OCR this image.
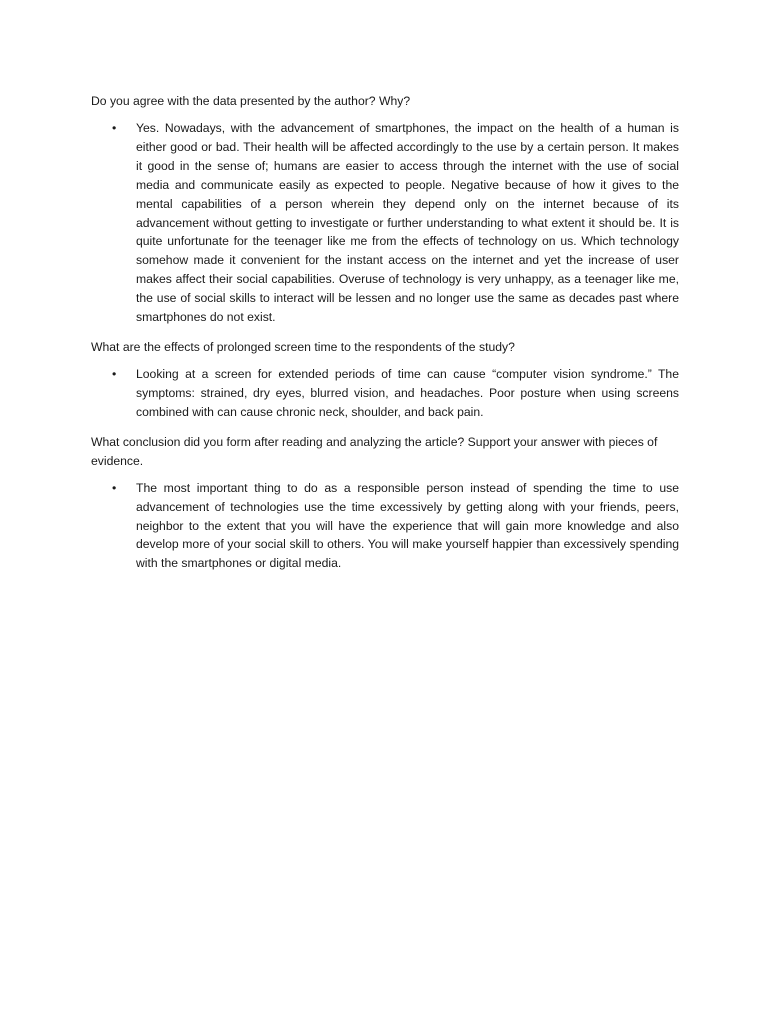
Do you agree with the data presented by the author? Why?

• Yes. Nowadays, with the advancement of smartphones, the impact on the health of a human is either good or bad. Their health will be affected accordingly to the use by a certain person. It makes it good in the sense of; humans are easier to access through the internet with the use of social media and communicate easily as expected to people. Negative because of how it gives to the mental capabilities of a person wherein they depend only on the internet because of its advancement without getting to investigate or further understanding to what extent it should be. It is quite unfortunate for the teenager like me from the effects of technology on us. Which technology somehow made it convenient for the instant access on the internet and yet the increase of user makes affect their social capabilities. Overuse of technology is very unhappy, as a teenager like me, the use of social skills to interact will be lessen and no longer use the same as decades past where smartphones do not exist.

What are the effects of prolonged screen time to the respondents of the study?

• Looking at a screen for extended periods of time can cause “computer vision syndrome.” The symptoms: strained, dry eyes, blurred vision, and headaches. Poor posture when using screens combined with can cause chronic neck, shoulder, and back pain.

What conclusion did you form after reading and analyzing the article? Support your answer with pieces of evidence.

• The most important thing to do as a responsible person instead of spending the time to use advancement of technologies use the time excessively by getting along with your friends, peers, neighbor to the extent that you will have the experience that will gain more knowledge and also develop more of your social skill to others. You will make yourself happier than excessively spending with the smartphones or digital media.
